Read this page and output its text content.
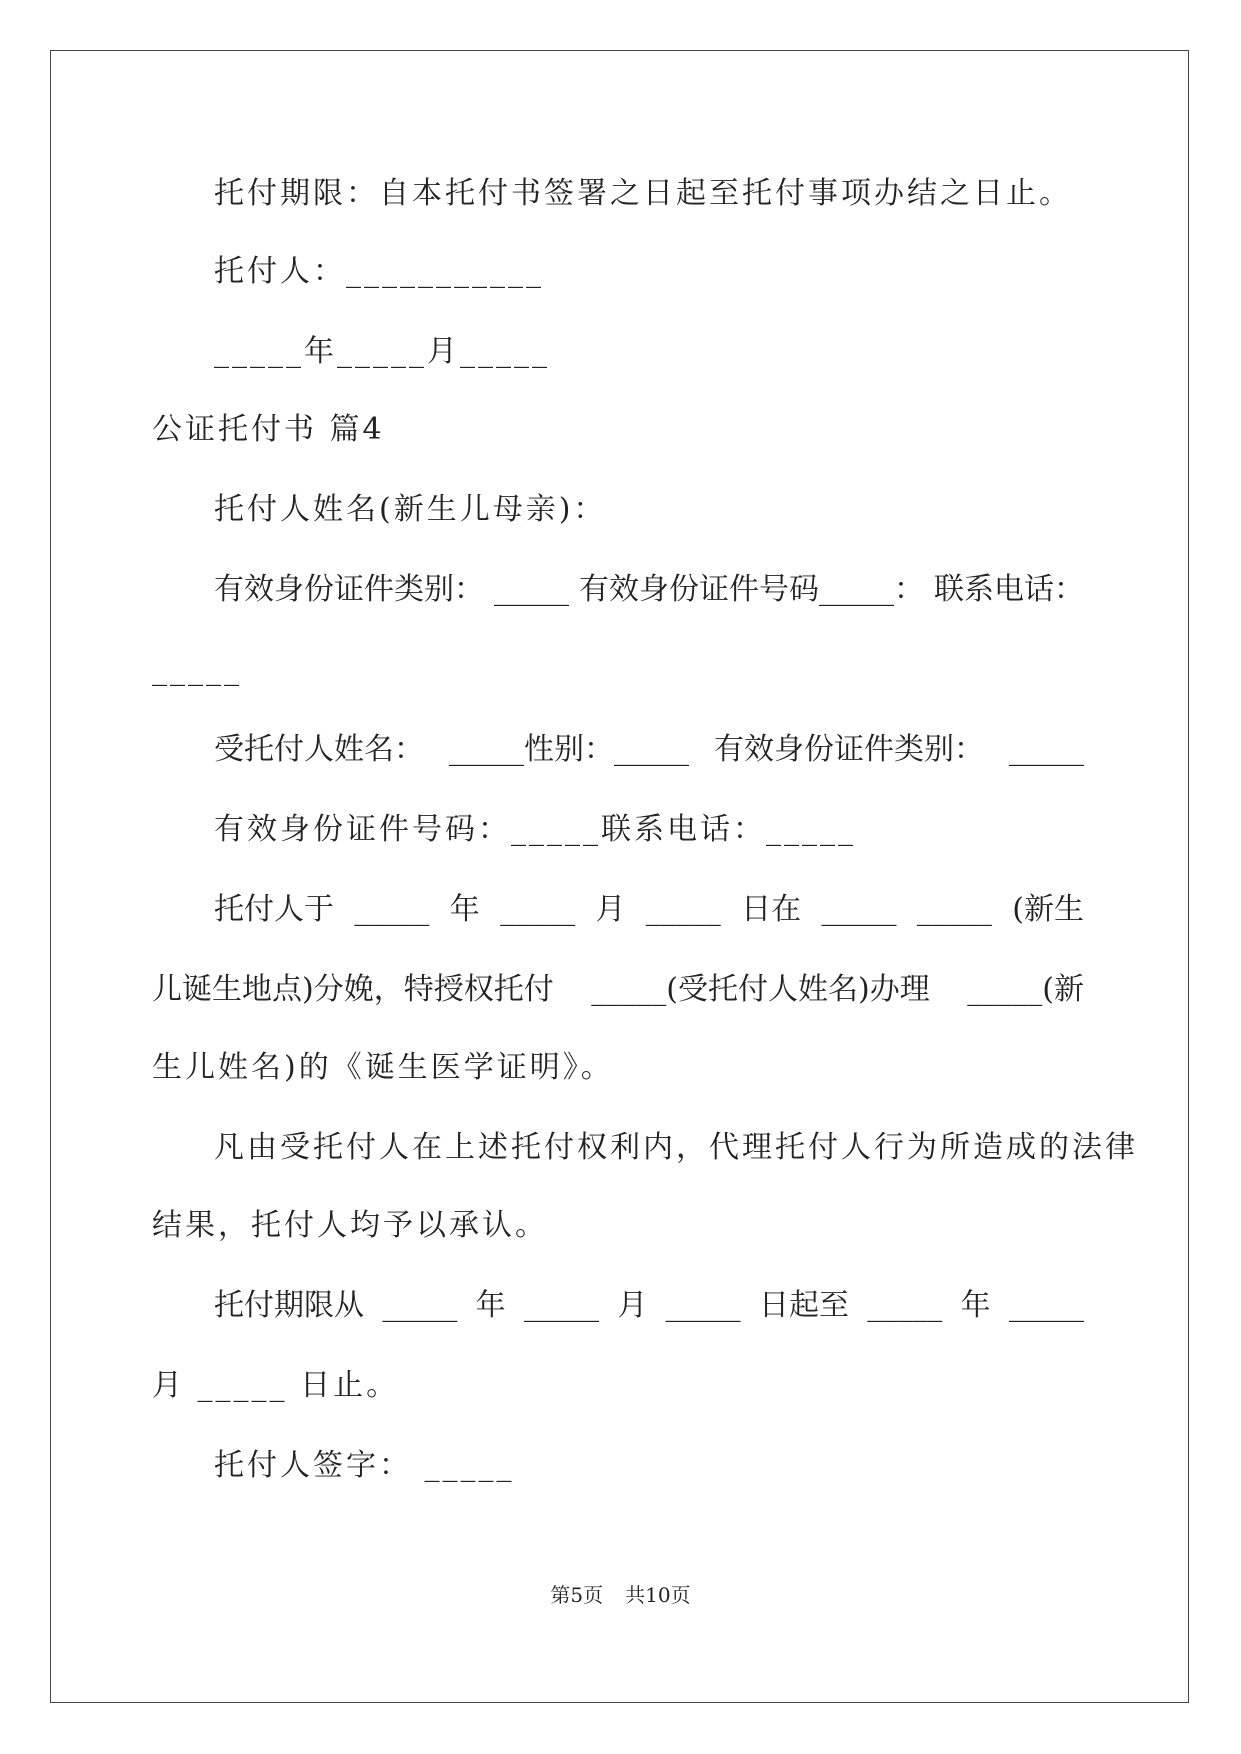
托付期限：自本托付书签署之日起至托付事项办结之日止。
托付人：___________
_____年_____月_____
公证托付书 篇4
托付人姓名(新生儿母亲)：
有效身份证件类别： _____ 有效身份证件号码_____： 联系电话：
_____
受托付人姓名： _____性别：_____ 有效身份证件类别： _____
有效身份证件号码：_____联系电话：_____
托付人于 _____ 年 _____ 月 _____ 日在 _____ _____ (新生
儿诞生地点)分娩，特授权托付 _____(受托付人姓名)办理 _____(新
生儿姓名)的《诞生医学证明》。
凡由受托付人在上述托付权利内，代理托付人行为所造成的法律
结果，托付人均予以承认。
托付期限从 _____ 年 _____ 月 _____ 日起至 _____ 年 _____
月 _____ 日止。
托付人签字： _____
第5页 共10页
